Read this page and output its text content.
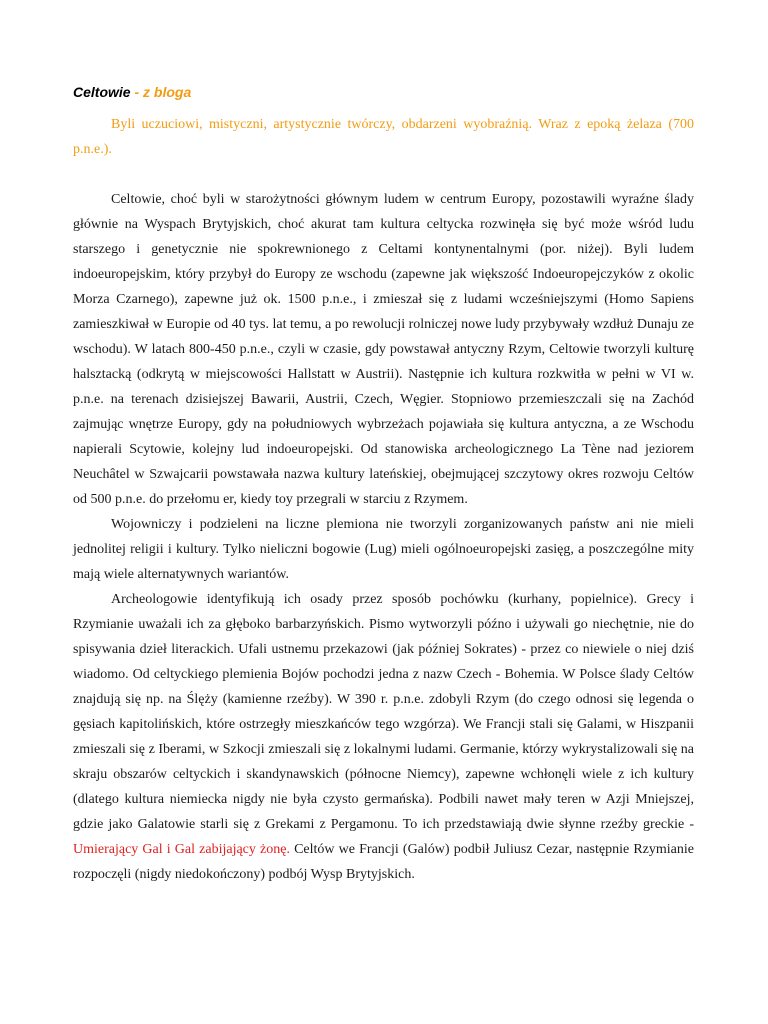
Celtowie - z bloga

Byli uczuciowi, mistyczni, artystycznie twórczy, obdarzeni wyobraźnią. Wraz z epoką żelaza (700 p.n.e.).

Celtowie, choć byli w starożytności głównym ludem w centrum Europy, pozostawili wyraźne ślady głównie na Wyspach Brytyjskich, choć akurat tam kultura celtycka rozwinęła się być może wśród ludu starszego i genetycznie nie spokrewnionego z Celtami kontynentalnymi (por. niżej). Byli ludem indoeuropejskim, który przybył do Europy ze wschodu (zapewne jak większość Indoeuropejczyków z okolic Morza Czarnego), zapewne już ok. 1500 p.n.e., i zmieszał się z ludami wcześniejszymi (Homo Sapiens zamieszkiwał w Europie od 40 tys. lat temu, a po rewolucji rolniczej nowe ludy przybywały wzdłuż Dunaju ze wschodu). W latach 800-450 p.n.e., czyli w czasie, gdy powstawał antyczny Rzym, Celtowie tworzyli kulturę halsztacką (odkrytą w miejscowości Hallstatt w Austrii). Następnie ich kultura rozkwitła w pełni w VI w. p.n.e. na terenach dzisiejszej Bawarii, Austrii, Czech, Węgier. Stopniowo przemieszczali się na Zachód zajmując wnętrze Europy, gdy na południowych wybrzeżach pojawiała się kultura antyczna, a ze Wschodu napierali Scytowie, kolejny lud indoeuropejski. Od stanowiska archeologicznego La Tène nad jeziorem Neuchâtel w Szwajcarii powstawała nazwa kultury lateńskiej, obejmującej szczytowy okres rozwoju Celtów od 500 p.n.e. do przełomu er, kiedy toy przegrali w starciu z Rzymem.

Wojowniczy i podzieleni na liczne plemiona nie tworzyli zorganizowanych państw ani nie mieli jednolitej religii i kultury. Tylko nieliczni bogowie (Lug) mieli ogólnoeuropejski zasięg, a poszczególne mity mają wiele alternatywnych wariantów.

Archeologowie identyfikują ich osady przez sposób pochówku (kurhany, popielnice). Grecy i Rzymianie uważali ich za głęboko barbarzyńskich. Pismo wytworzyli późno i używali go niechętnie, nie do spisywania dzieł literackich. Ufali ustnemu przekazowi (jak później Sokrates) - przez co niewiele o niej dziś wiadomo. Od celtyckiego plemienia Bojów pochodzi jedna z nazw Czech - Bohemia. W Polsce ślady Celtów znajdują się np. na Ślęży (kamienne rzeźby). W 390 r. p.n.e. zdobyli Rzym (do czego odnosi się legenda o gęsiach kapitolińskich, które ostrzegły mieszkańców tego wzgórza). We Francji stali się Galami, w Hiszpanii zmieszali się z Iberami, w Szkocji zmieszali się z lokalnymi ludami. Germanie, którzy wykrystalizowali się na skraju obszarów celtyckich i skandynawskich (północne Niemcy), zapewne wchłonęli wiele z ich kultury (dlatego kultura niemiecka nigdy nie była czysto germańska). Podbili nawet mały teren w Azji Mniejszej, gdzie jako Galatowie starli się z Grekami z Pergamonu. To ich przedstawiają dwie słynne rzeźby greckie - Umierający Gal i Gal zabijający żonę. Celtów we Francji (Galów) podbił Juliusz Cezar, następnie Rzymianie rozpoczęli (nigdy niedokończony) podbój Wysp Brytyjskich.
